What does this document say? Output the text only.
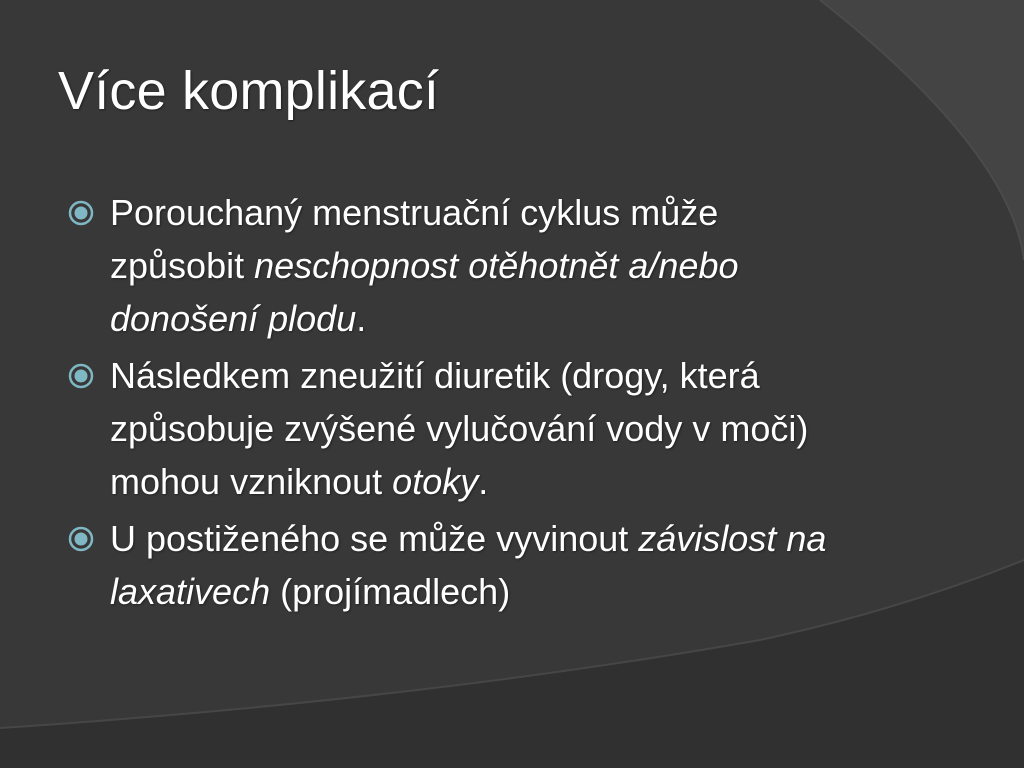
Více komplikací
Porouchaný menstruační cyklus může způsobit neschopnost otěhotnět a/nebo donošení plodu.
Následkem zneužití diuretik (drogy, která způsobuje zvýšené vylučování vody v moči) mohou vzniknout otoky.
U postiženého se může vyvinout závislost na laxativech (projímadlech)
